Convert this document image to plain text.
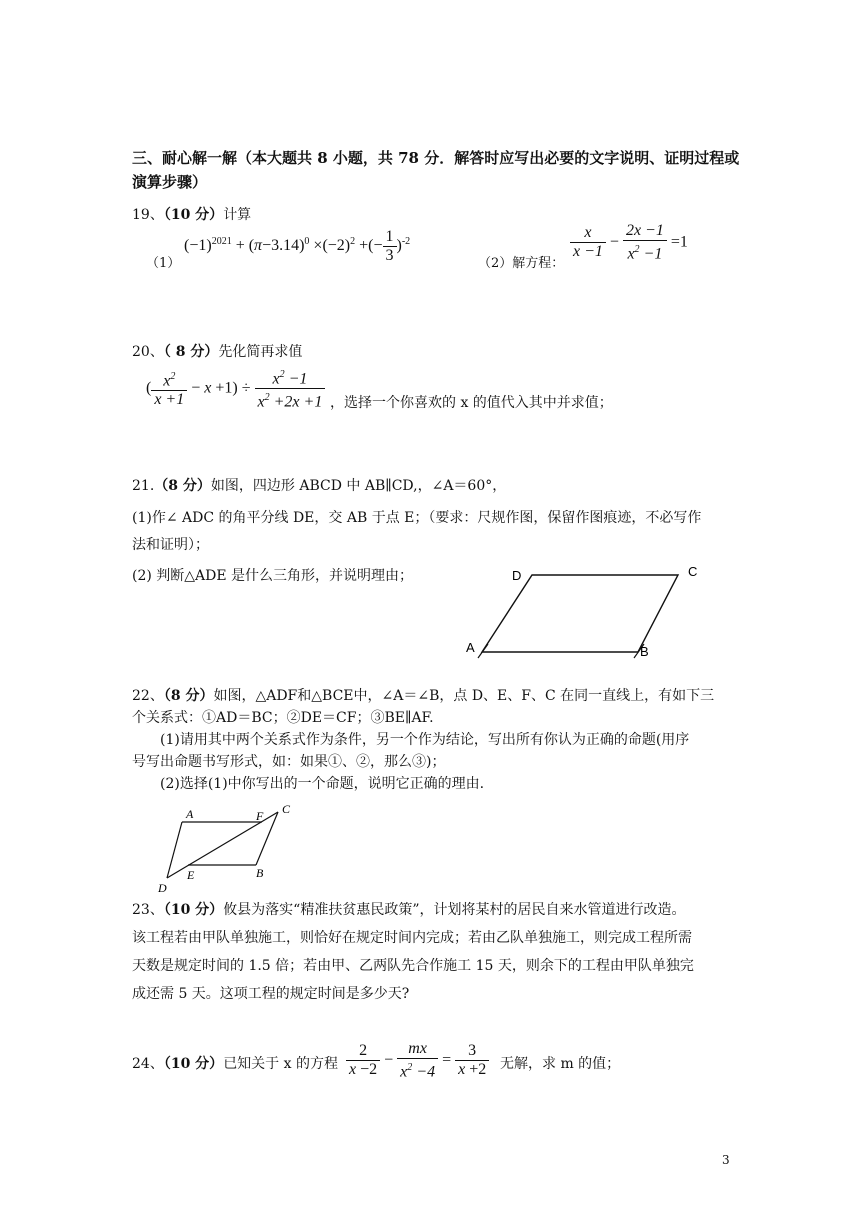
三、耐心解一解（本大题共 8 小题，共 78 分．解答时应写出必要的文字说明、证明过程或演算步骤）
19、（10 分）计算
（1）
$(-1)^{2021} + (\pi-3.14)^0 \times(-2)^2$ +(− $\frac{1}{3} )^{-2}$
（2）解方程：
$\frac{x}{x -1} - \frac{2x -1}{x^2 -1} =1$
20、（ 8 分）先化简再求值
( $\frac{x^2}{x +1} - x +1) \div \frac{x^2 -1}{x^2 +2x +1}$ ，选择一个你喜欢的 x 的值代入其中并求值；
21.（8 分）如图，四边形 ABCD 中 AB∥CD,，∠A＝60°，
(1)作∠ ADC 的角平分线 DE，交 AB 于点 E；（要求：尺规作图，保留作图痕迹，不必写作
法和证明）；
(2) 判断△ADE 是什么三角形，并说明理由；	D	C
A	B
22、（8 分）如图，△ADF和△BCE中，∠A＝∠B，点 D、E、F、C 在同一直线上，有如下三
个关系式：①AD＝BC；②DE＝CF；③BE∥AF.
(1)请用其中两个关系式作为条件，另一个作为结论，写出所有你认为正确的命题(用序
号写出命题书写形式，如：如果①、②，那么③)；
(2)选择(1)中你写出的一个命题，说明它正确的理由.
A	F C
E	B
D
23、（10 分）攸县为落实“精准扶贫惠民政策”，计划将某村的居民自来水管道进行改造。
该工程若由甲队单独施工，则恰好在规定时间内完成；若由乙队单独施工，则完成工程所需
天数是规定时间的 1.5 倍；若由甲、乙两队先合作施工 15 天，则余下的工程由甲队单独完
成还需 5 天。这项工程的规定时间是多少天?
24、（10 分）已知关于 x 的方程 $\frac{2}{x -2} - \frac{mx}{x^2 -4} = \frac{3}{x +2}$ 无解，求 m 的值；
3
